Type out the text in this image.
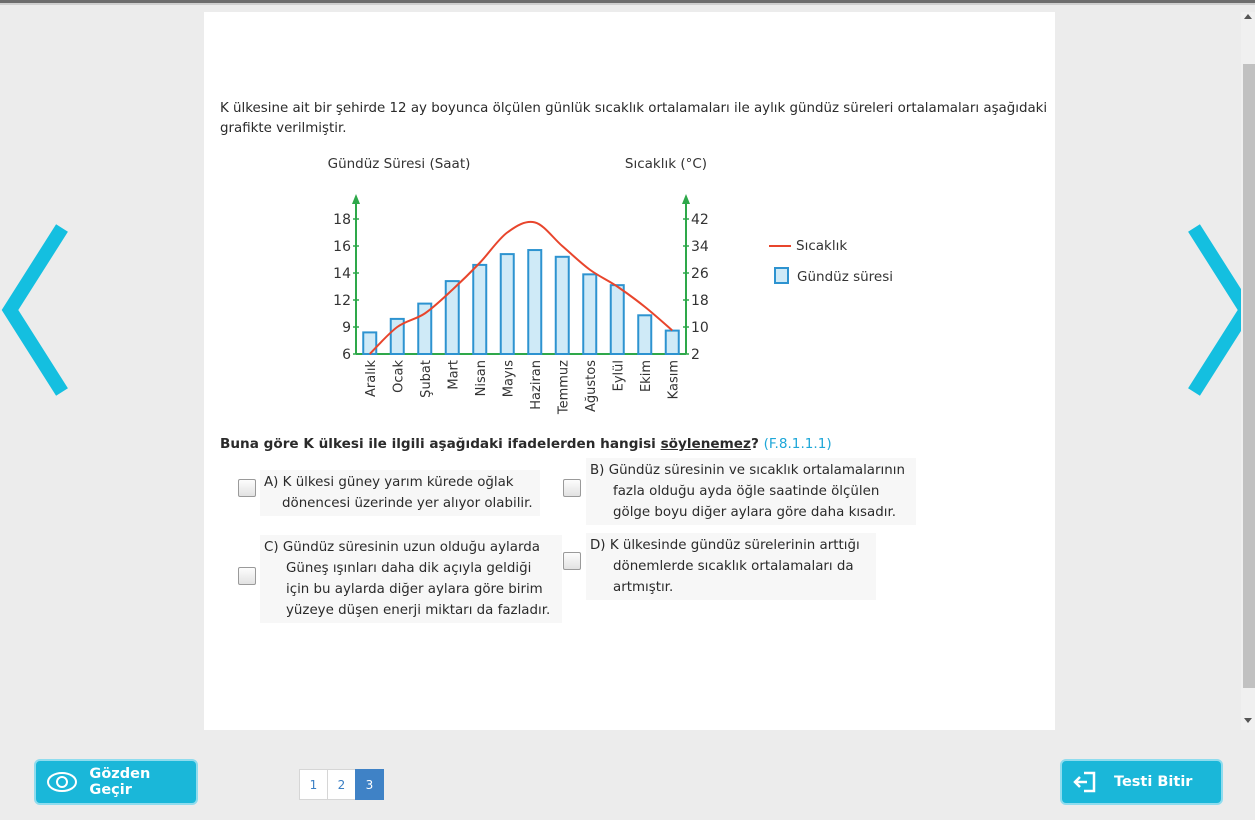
K ülkesine ait bir şehirde 12 ay boyunca ölçülen günlük sıcaklık ortalamaları ile aylık gündüz süreleri ortalamaları aşağıdaki grafikte verilmiştir.
Gündüz Süresi (Saat)	Sıcaklık (°C)
6
9
12
14
16
18
2
10
18
26
34
42
Aralık Ocak Şubat Mart Nisan Mayıs Haziran Temmuz Ağustos Eylül Ekim Kasım
Sıcaklık
Gündüz süresi
Buna göre K ülkesi ile ilgili aşağıdaki ifadelerden hangisi söylenemez? (F.8.1.1.1)
A) K ülkesi güney yarım kürede oğlak
dönencesi üzerinde yer alıyor olabilir.
B) Gündüz süresinin ve sıcaklık ortalamalarının
fazla olduğu ayda öğle saatinde ölçülen
gölge boyu diğer aylara göre daha kısadır.
C) Gündüz süresinin uzun olduğu aylarda
Güneş ışınları daha dik açıyla geldiği
için bu aylarda diğer aylara göre birim
yüzeye düşen enerji miktarı da fazladır.
D) K ülkesinde gündüz sürelerinin arttığı
dönemlerde sıcaklık ortalamaları da
artmıştır.
Gözden Geçir	1	2	3	Testi Bitir
